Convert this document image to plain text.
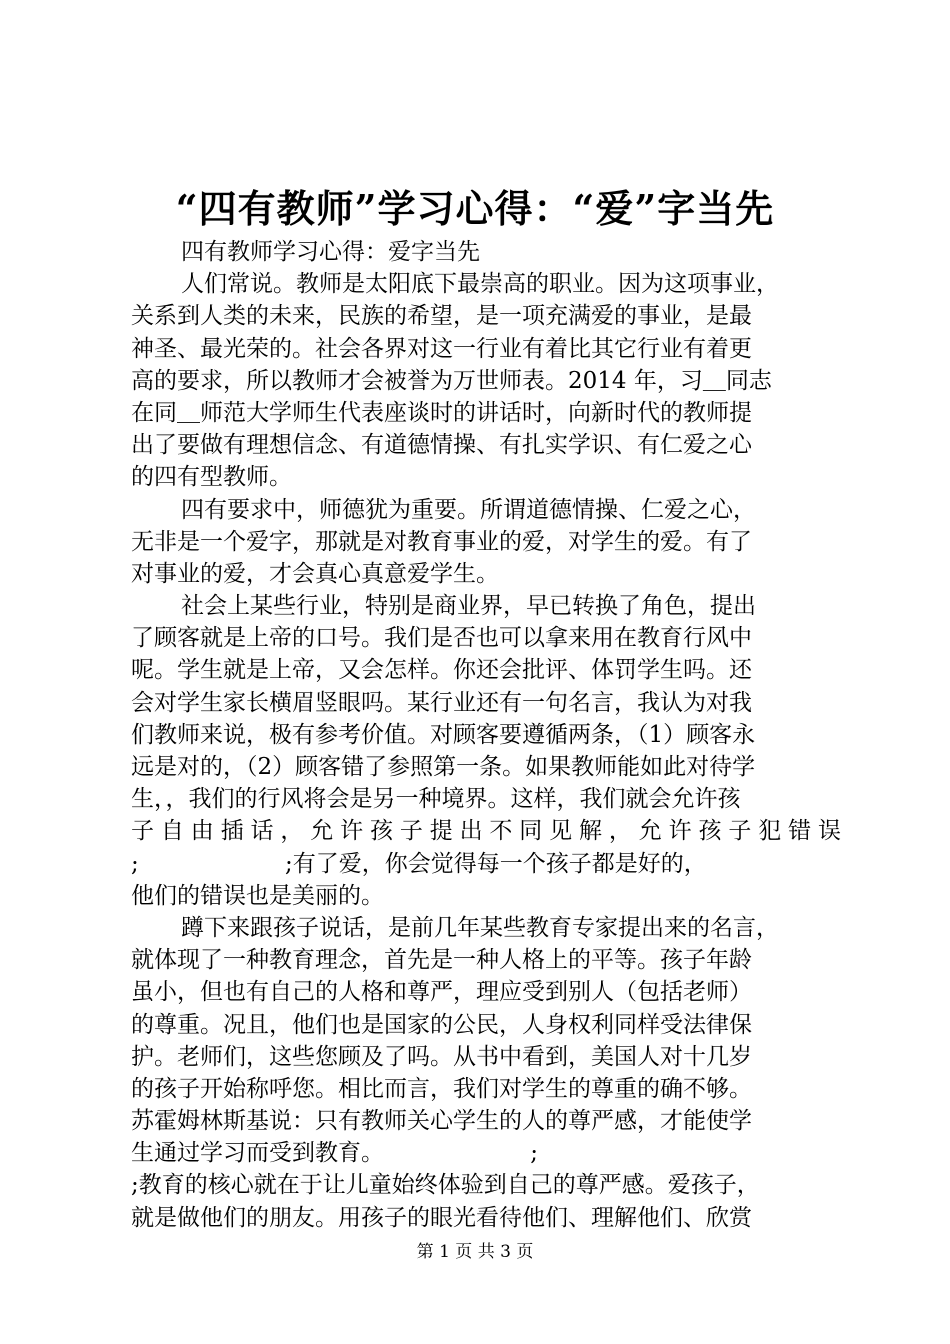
“四有教师”学习心得：“爱”字当先
四有教师学习心得：爱字当先
人们常说。教师是太阳底下最崇高的职业。因为这项事业，
关系到人类的未来，民族的希望，是一项充满爱的事业，是最
神圣、最光荣的。社会各界对这一行业有着比其它行业有着更
高的要求，所以教师才会被誉为万世师表。2014 年，习＿同志
在同＿师范大学师生代表座谈时的讲话时，向新时代的教师提
出了要做有理想信念、有道德情操、有扎实学识、有仁爱之心
的四有型教师。
四有要求中，师德犹为重要。所谓道德情操、仁爱之心，
无非是一个爱字，那就是对教育事业的爱，对学生的爱。有了
对事业的爱，才会真心真意爱学生。
社会上某些行业，特别是商业界，早已转换了角色，提出
了顾客就是上帝的口号。我们是否也可以拿来用在教育行风中
呢。学生就是上帝，又会怎样。你还会批评、体罚学生吗。还
会对学生家长横眉竖眼吗。某行业还有一句名言，我认为对我
们教师来说，极有参考价值。对顾客要遵循两条，（1）顾客永
远是对的，（2）顾客错了参照第一条。如果教师能如此对待学
生，，我们的行风将会是另一种境界。这样，我们就会允许孩
子自由插话，允许孩子提出不同见解，允许孩子犯错误
;                    ;有了爱，你会觉得每一个孩子都是好的，
他们的错误也是美丽的。
蹲下来跟孩子说话，是前几年某些教育专家提出来的名言，
就体现了一种教育理念，首先是一种人格上的平等。孩子年龄
虽小，但也有自己的人格和尊严，理应受到别人（包括老师）
的尊重。况且，他们也是国家的公民，人身权利同样受法律保
护。老师们，这些您顾及了吗。从书中看到，美国人对十几岁
的孩子开始称呼您。相比而言，我们对学生的尊重的确不够。
苏霍姆林斯基说：只有教师关心学生的人的尊严感，才能使学
生通过学习而受到教育。                    ;
;教育的核心就在于让儿童始终体验到自己的尊严感。爱孩子，
就是做他们的朋友。用孩子的眼光看待他们、理解他们、欣赏
第 1 页 共 3 页
